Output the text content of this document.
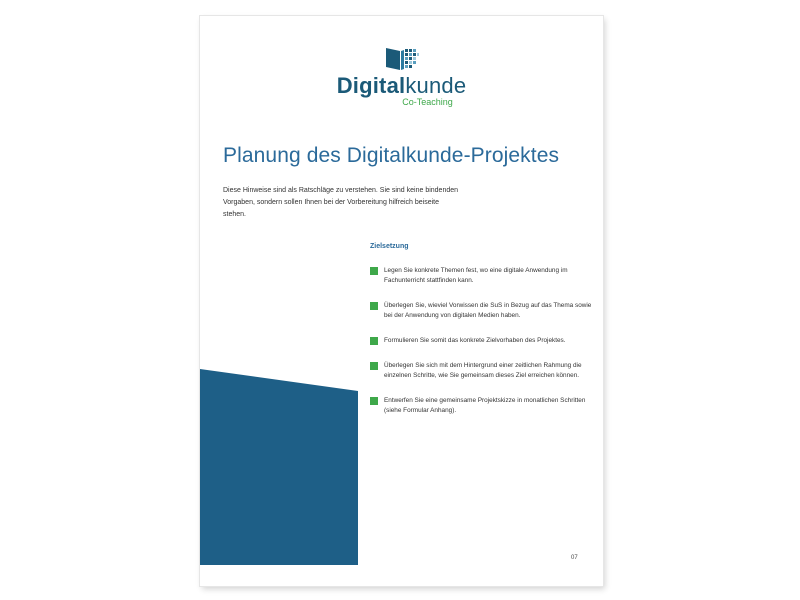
Digitalkunde
Co-Teaching
Planung des Digitalkunde-Projektes
Diese Hinweise sind als Ratschläge zu verstehen. Sie sind keine bindenden Vorgaben, sondern sollen Ihnen bei der Vorbereitung hilfreich beiseite stehen.
Zielsetzung
Legen Sie konkrete Themen fest, wo eine digitale Anwendung im Fachunterricht stattfinden kann.
Überlegen Sie, wieviel Vorwissen die SuS in Bezug auf das Thema sowie bei der Anwendung von digitalen Medien haben.
Formulieren Sie somit das konkrete Zielvorhaben des Projektes.
Überlegen Sie sich mit dem Hintergrund einer zeitlichen Rahmung die einzelnen Schritte, wie Sie gemeinsam dieses Ziel erreichen können.
Entwerfen Sie eine gemeinsame Projektskizze in monatlichen Schritten (siehe Formular Anhang).
07
